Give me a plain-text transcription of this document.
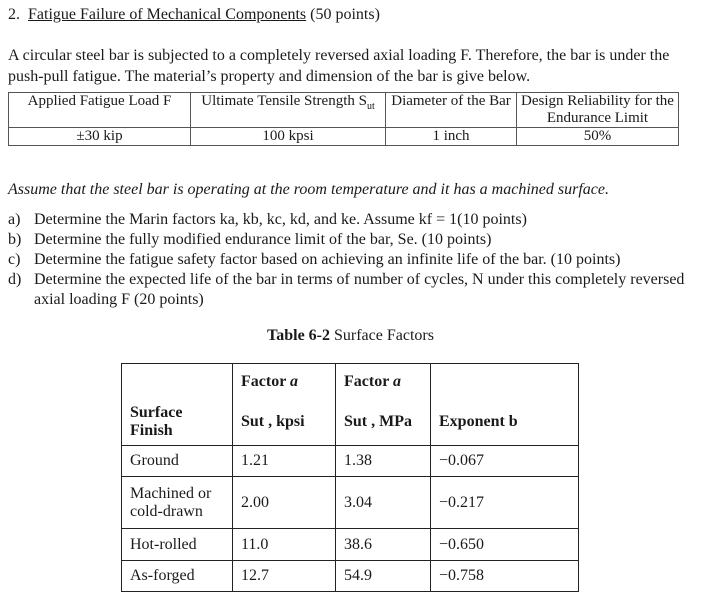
2. Fatigue Failure of Mechanical Components (50 points)
A circular steel bar is subjected to a completely reversed axial loading F. Therefore, the bar is under the push-pull fatigue. The material’s property and dimension of the bar is give below.
Applied Fatigue Load F	Ultimate Tensile Strength $S_{ut}$	Diameter of the Bar	Design Reliability for the Endurance Limit
±30 kip	100 kpsi	1 inch	50%
Assume that the steel bar is operating at the room temperature and it has a machined surface.
a) Determine the Marin factors ka, kb, kc, kd, and ke. Assume kf = 1(10 points)
b) Determine the fully modified endurance limit of the bar, Se. (10 points)
c) Determine the fatigue safety factor based on achieving an infinite life of the bar. (10 points)
d) Determine the expected life of the bar in terms of number of cycles, N under this completely reversed axial loading F (20 points)
Table 6-2 Surface Factors
	Factor a	Factor a	
Surface Finish	Sut , kpsi	Sut , MPa	Exponent b
Ground	1.21	1.38	−0.067
Machined or cold-drawn	2.00	3.04	−0.217
Hot-rolled	11.0	38.6	−0.650
As-forged	12.7	54.9	−0.758
